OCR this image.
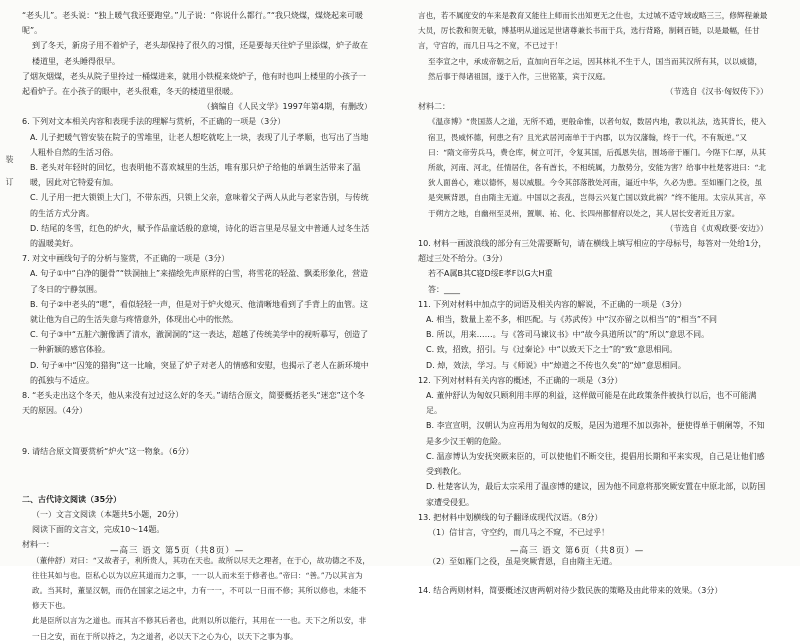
装 订

“老头儿”。老头说：“独上暖气我还要跑堂。”儿子说：“你说什么都行。”“我只烧煤，煤烧起来可暖呢”。

到了冬天，新房子用不着炉子，老头却保持了很久的习惯，还是要每天往炉子里添煤，炉子故在楼道里，老头睡得很早。

了烟灰烟煤，老头从院子里拎过一桶煤进来，就用小铁棍来烧炉子，他有时也叫上楼里的小孩子一起看炉子。在小孩子的眼中，老头很难，冬天的楼道里很暖。

（摘编自《人民文学》1997年第4期，有删改）

6. 下列对文本相关内容和表现手法的理解与赏析，不正确的一项是（3分）

A. 儿子把暖气管安装在院子的雪堆里，让老人想吃就吃上一块，表现了儿子孝顺，也写出了当地人粗朴自然的生活习俗。

B. 老头对年轻时的回忆，也表明他不喜欢城里的生活，唯有那只炉子给他的单调生活带来了温暖，因此对它特爱有加。

C. 儿子用一把大锁锁上大门，不带东西，只锁上父亲，意味着父子两人从此与老家告别，与传统的生活方式分离。

D. 结尾的冬雪，红色的炉火，赋予作品童话般的意境，诗化的语言里是尽显文中普通人过冬生活的温暖美好。

7. 对文中画线句子的分析与鉴赏，不正确的一项是（3分）

A. 句子①中“白净的腿骨”“铁洞抽上”来描绘先声原样的白雪，将雪花的轻盈、飘柔形象化，营造了冬日的宁静氛围。

B. 句子②中老头的“嗯”，看似轻轻一声，但是对于炉火熄灭、他清晰地看到了手背上的血管。这就让他为自己的生活失意与疼惜意外，体现出心中的怅然。

C. 句子③中“五脏六腑像洒了清水，澈洞洞的”这一表达，超越了传统美学中的视听摹写，创造了一种新颖的感官体验。

D. 句子④中“囚笼的猎狗”这一比喻，突显了炉子对老人的情感和安慰，也揭示了老人在新环境中的孤独与不适应。

8. “老头走出这个冬天，他从来没有过过这么好的冬天。”请结合原文，简要概括老头“迷恋”这个冬天的原因。（4分）

9. 请结合原文简要赏析“炉火”这一物象。（6分）

二、古代诗文阅读（35分）

（一）文言文阅读（本题共5小题，20分）

阅读下面的文言文，完成10～14题。

材料一：

（董仲舒）对曰：“又故者子，利所贵人，其功在天也。故所以尽天之理者，在于心，故功德之不及，往往其如与也。臣私心以为以应其道而力之事，一一以人而未至于修者也。”帝曰：“善。”乃以其言为政。当其时，董显汉朝，而仍在国家之运之中，力有一一，不可以一日而不修；其所以修也，未能不修天下也。

此是臣所以言为之道也。而其言不修其后者也，此则以所以能行，其用在一一也。天下之所以安，非一日之安，而在于所以持之，为之道者，必以天下之心为心，以天下之事为事。

—高三 语文 第5页（共8页）—

言也，若不属度安的车来是教育又能往上师而长出知更无之仕也，太过城不适守域或略三三，修辉程兼最大员，厉长教和贺无敏，博基明从道远足世诸尊兼长书而于兵，选行背路，制刺百链，以是最幅，任甘言，守宫的，而几日马之不宽，不已过于！

至李宣之中，承成帝朝之后，直加向百年之运，因其林礼不生于人，国当而其汉所有其，以以威德，然后事于得诸祖国，遂于入作，三世铭篆，宾于汉庭。

（节选自《汉书·匈奴传下》）

材料二：

《温彦博》“贵国蒸人之道，无所不通，更般命惟，以者句奴，数居内地，教以礼法，选其背长，使入宿卫，畏威怀德，何患之有？且光武居河南单于于内郡，以为汉藩翰，终于一代，不有叛逆。”又曰：“隋文帝劳兵马，费仓库，树立可汗，令复其国，后孤恩失信，围场帝于雁门。今陛下仁厚，从其所欲，河南、河北，任情居住，各有酋长，不相统属，力散势分，安能为害？给事中杜楚客进曰：“北狄人面兽心，难以德怀，易以威服。今令其部落散处河南，逼近中华，久必为患。至如雁门之役，虽是突厥背恩，自由隋主无道。中国以之丧乱，岂得云兴复亡国以致此祸？”终不能用。太宗从其言，卒于朔方之地，自幽州至灵州，置顺、祐、化、长四州都督府以处之，其人居长安者近且万家。

（节选自《贞观政要·安边》）

10. 材料一画波浪线的部分有三处需要断句，请在横线上填写相应的字母标号，每答对一处给1分，超过三处不给分。（3分）

若不A属B其C寝D绥E孝F以G大H重

答：____

11. 下列对材料中加点字的词语及相关内容的解说，不正确的一项是（3分）

A. 相当，数量上差不多，相匹配。与《苏武传》中“汉亦留之以相当”的“相当”不同

B. 所以，用来……。与《答司马谏议书》中“故今具道所以”的“所以”意思不同。

C. 致，招致，招引。与《过秦论》中“以致天下之士”的“致”意思相同。

D. 焯，效法，学习。与《师说》中“焯道之不传也久矣”的“焯”意思相同。

12. 下列对材料有关内容的概述，不正确的一项是（3分）

A. 董仲舒认为匈奴只顾利用丰厚的利益，这样做可能是在此政策条件被执行以后，也不可能满足。

B. 李宣宣明，汉朝认为应再用为匈奴的反叛，是因为道理不加以弥补，便使得单于朝阑等，不知是多少汉王朝的危险。

C. 温彦博认为安抚突厥来臣的，可以使他们不断交往，提倡用长期和平来实现，自己是让他们感受到教化。

D. 杜楚客认为，最后太宗采用了温彦博的建议，因为他不同意将那突厥安置在中原北部，以防国家遭受侵犯。

13. 把材料中划横线的句子翻译成现代汉语。（8分）

（1）信甘言，守空约，而几马之不窥，不已过乎！

（2）至如雁门之役，虽是突厥背恩，自由隋主无道。

14. 结合两则材料，简要概述汉唐两朝对待少数民族的策略及由此带来的效果。（3分）

—高三 语文 第6页（共8页）—
